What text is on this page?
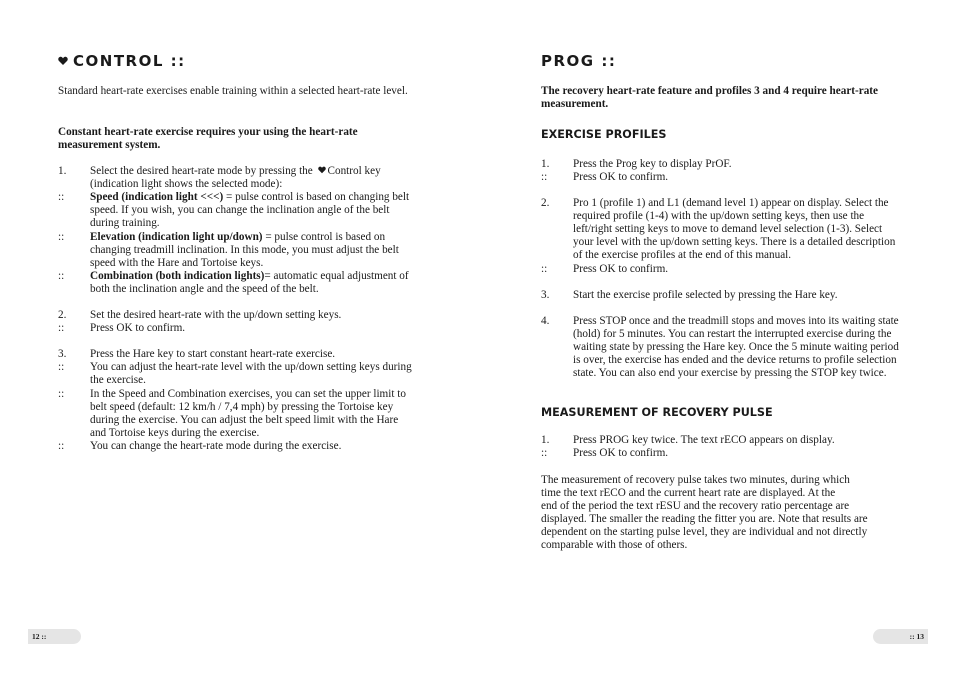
CONTROL ::

Standard heart-rate exercises enable training within a selected heart-rate level.

Constant heart-rate exercise requires your using the heart-rate measurement system.

1.	Select the desired heart-rate mode by pressing the Control key (indication light shows the selected mode):
::	Speed (indication light <<<) = pulse control is based on changing belt speed. If you wish, you can change the inclination angle of the belt during training.
::	Elevation (indication light up/down) = pulse control is based on changing treadmill inclination. In this mode, you must adjust the belt speed with the Hare and Tortoise keys.
::	Combination (both indication lights)= automatic equal adjustment of both the inclination angle and the speed of the belt.
2.	Set the desired heart-rate with the up/down setting keys.
::	Press OK to confirm.
3.	Press the Hare key to start constant heart-rate exercise.
::	You can adjust the heart-rate level with the up/down setting keys during the exercise.
::	In the Speed and Combination exercises, you can set the upper limit to belt speed (default: 12 km/h / 7,4 mph) by pressing the Tortoise key during the exercise. You can adjust the belt speed limit with the Hare and Tortoise keys during the exercise.
::	You can change the heart-rate mode during the exercise.
PROG ::

The recovery heart-rate feature and profiles 3 and 4 require heart-rate measurement.

EXERCISE PROFILES

1.	Press the Prog key to display PrOF.
::	Press OK to confirm.
2.	Pro 1 (profile 1) and L1 (demand level 1) appear on display. Select the required profile (1-4) with the up/down setting keys, then use the left/right setting keys to move to demand level selection (1-3). Select your level with the up/down setting keys. There is a detailed description of the exercise profiles at the end of this manual.
::	Press OK to confirm.
3.	Start the exercise profile selected by pressing the Hare key.
4.	Press STOP once and the treadmill stops and moves into its waiting state (hold) for 5 minutes. You can restart the interrupted exercise during the waiting state by pressing the Hare key. Once the 5 minute waiting period is over, the exercise has ended and the device returns to profile selection state. You can also end your exercise by pressing the STOP key twice.

MEASUREMENT OF RECOVERY PULSE

1.	Press PROG key twice. The text rECO appears on display.
::	Press OK to confirm.
The measurement of recovery pulse takes two minutes, during which
time the text rECO and the current heart rate are displayed. At the
end of the period the text rESU and the recovery ratio percentage are
displayed. The smaller the reading the fitter you are. Note that results are
dependent on the starting pulse level, they are individual and not directly
comparable with those of others.
12 ::	:: 13
